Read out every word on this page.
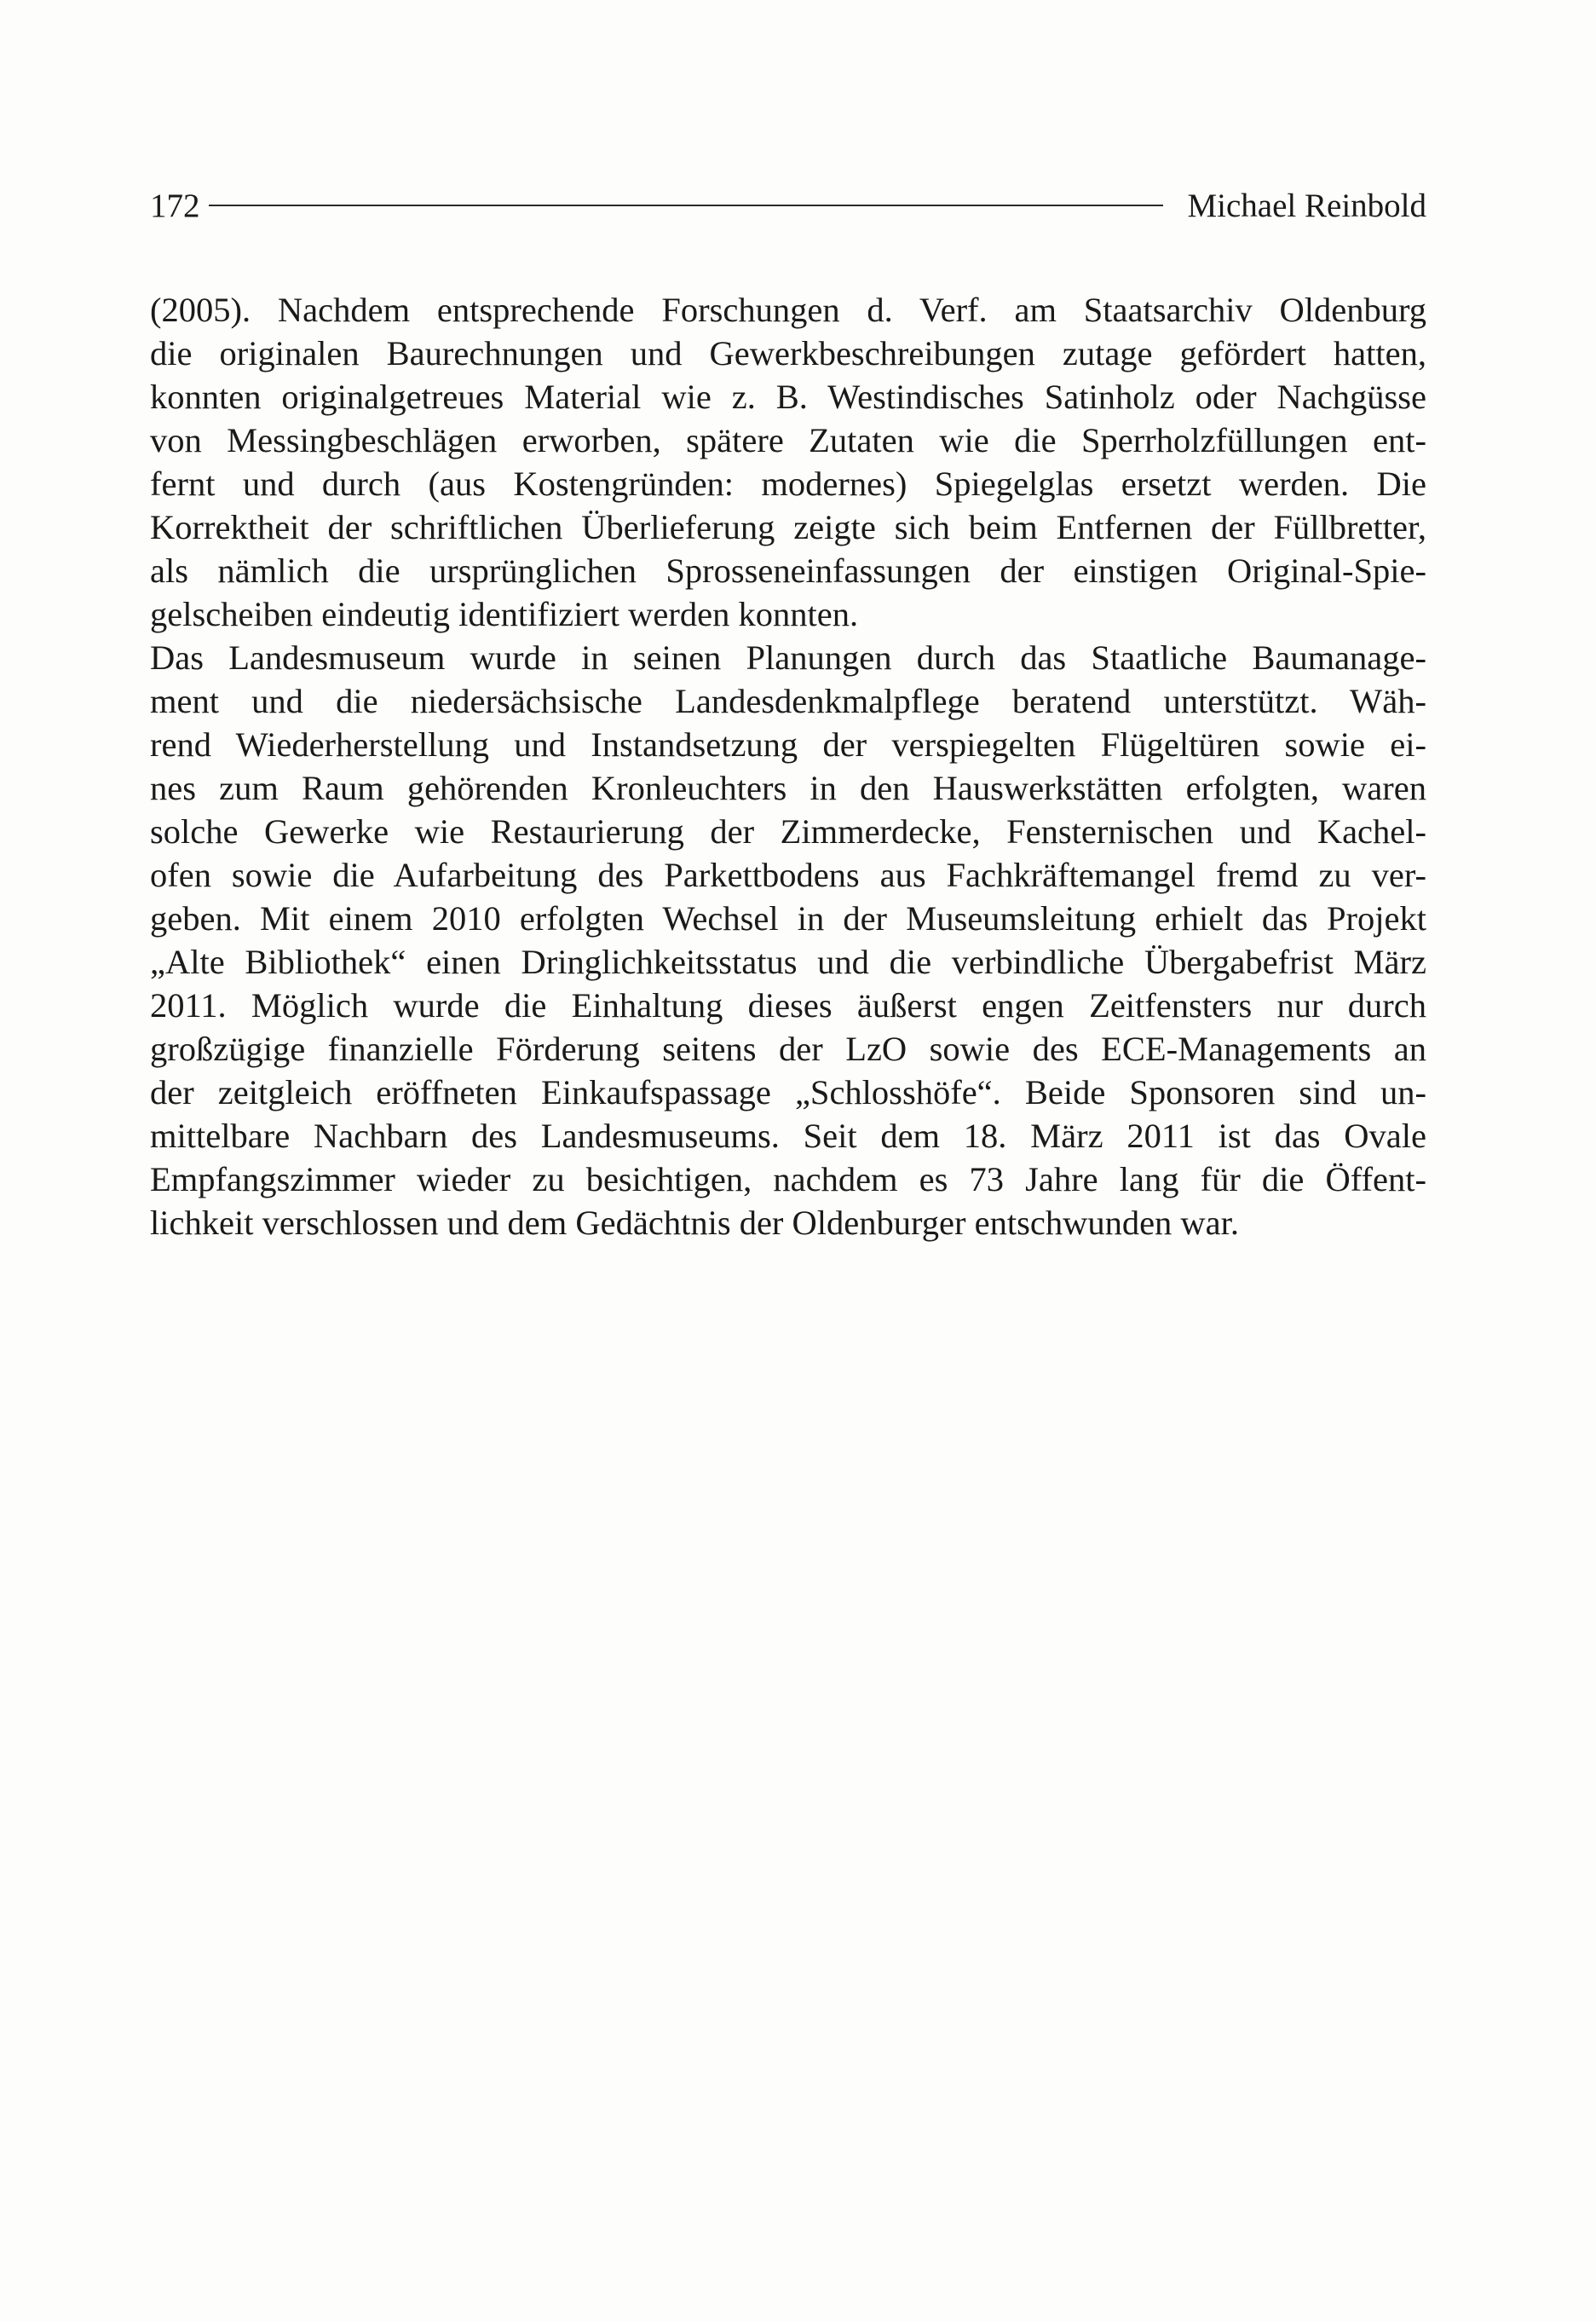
172	Michael Reinbold
(2005). Nachdem entsprechende Forschungen d. Verf. am Staatsarchiv Oldenburg
die originalen Baurechnungen und Gewerkbeschreibungen zutage gefördert hatten,
konnten originalgetreues Material wie z. B. Westindisches Satinholz oder Nachgüsse
von Messingbeschlägen erworben, spätere Zutaten wie die Sperrholzfüllungen ent-
fernt und durch (aus Kostengründen: modernes) Spiegelglas ersetzt werden. Die
Korrektheit der schriftlichen Überlieferung zeigte sich beim Entfernen der Füllbretter,
als nämlich die ursprünglichen Sprosseneinfassungen der einstigen Original-Spie-
gelscheiben eindeutig identifiziert werden konnten.
Das Landesmuseum wurde in seinen Planungen durch das Staatliche Baumanage-
ment und die niedersächsische Landesdenkmalpflege beratend unterstützt. Wäh-
rend Wiederherstellung und Instandsetzung der verspiegelten Flügeltüren sowie ei-
nes zum Raum gehörenden Kronleuchters in den Hauswerkstätten erfolgten, waren
solche Gewerke wie Restaurierung der Zimmerdecke, Fensternischen und Kachel-
ofen sowie die Aufarbeitung des Parkettbodens aus Fachkräftemangel fremd zu ver-
geben. Mit einem 2010 erfolgten Wechsel in der Museumsleitung erhielt das Projekt
„Alte Bibliothek“ einen Dringlichkeitsstatus und die verbindliche Übergabefrist März
2011. Möglich wurde die Einhaltung dieses äußerst engen Zeitfensters nur durch
großzügige finanzielle Förderung seitens der LzO sowie des ECE-Managements an
der zeitgleich eröffneten Einkaufspassage „Schlosshöfe“. Beide Sponsoren sind un-
mittelbare Nachbarn des Landesmuseums. Seit dem 18. März 2011 ist das Ovale
Empfangszimmer wieder zu besichtigen, nachdem es 73 Jahre lang für die Öffent-
lichkeit verschlossen und dem Gedächtnis der Oldenburger entschwunden war.
